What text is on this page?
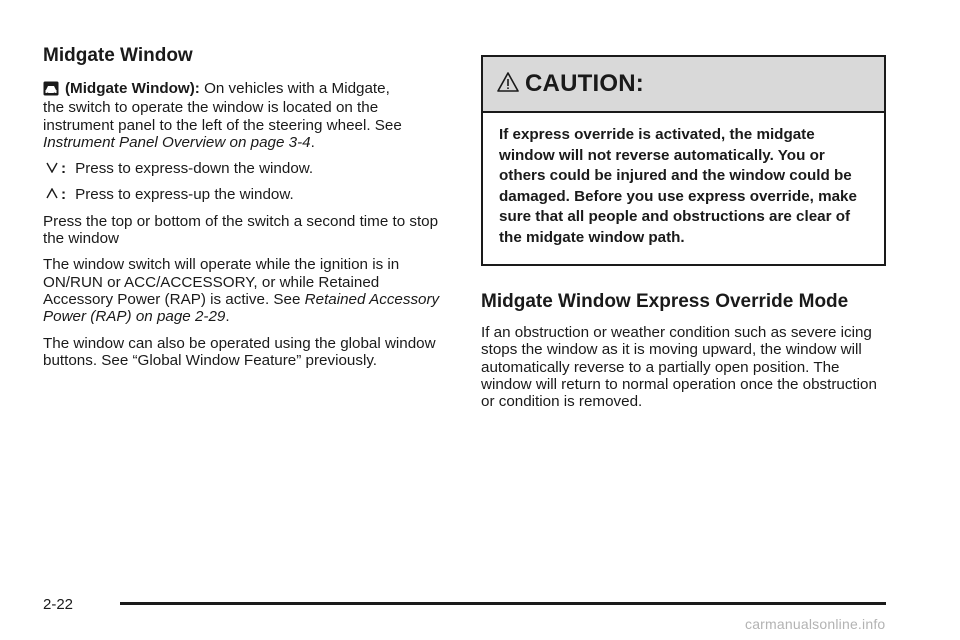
Midgate Window

(Midgate Window): On vehicles with a Midgate,

the switch to operate the window is located on the instrument panel to the left of the steering wheel. See Instrument Panel Overview on page 3-4.

: Press to express-down the window.
: Press to express-up the window.

Press the top or bottom of the switch a second time to stop the window

The window switch will operate while the ignition is in ON/RUN or ACC/ACCESSORY, or while Retained Accessory Power (RAP) is active. See Retained Accessory Power (RAP) on page 2-29.

The window can also be operated using the global window buttons. See “Global Window Feature” previously.

CAUTION:
If express override is activated, the midgate window will not reverse automatically. You or others could be injured and the window could be damaged. Before you use express override, make sure that all people and obstructions are clear of the midgate window path.
Midgate Window Express Override Mode

If an obstruction or weather condition such as severe icing stops the window as it is moving upward, the window will automatically reverse to a partially open position. The window will return to normal operation once the obstruction or condition is removed.

2-22
carmanualsonline.info
